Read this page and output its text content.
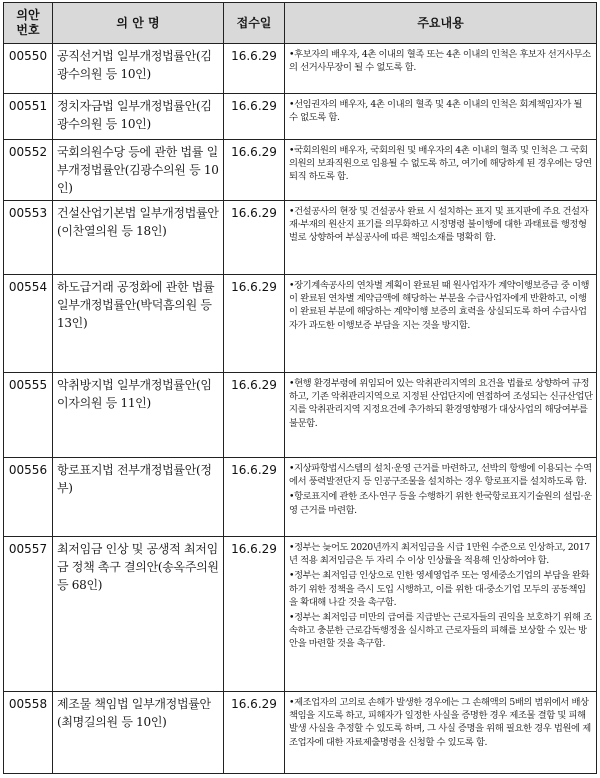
의안
번호	의 안 명	접수일	주요내용
00550	공직선거법 일부개정법률안(김광수의원 등 10인)	16.6.29	•후보자의 배우자, 4촌 이내의 혈족 또는 4촌 이내의 인척은 후보자 선거사무소의 선거사무장이 될 수 없도록 함.

00551	정치자금법 일부개정법률안(김광수의원 등 10인)	16.6.29	•선임권자의 배우자, 4촌 이내의 혈족 및 4촌 이내의 인척은 회계책임자가 될 수 없도록 함.

00552	국회의원수당 등에 관한 법률 일부개정법률안(김광수의원 등 10인)	16.6.29	•국회의원의 배우자, 국회의원 및 배우자의 4촌 이내의 혈족 및 인척은 그 국회의원의 보좌직원으로 임용될 수 없도록 하고, 여기에 해당하게 된 경우에는 당연퇴직 하도록 함.

00553	건설산업기본법 일부개정법률안(이찬열의원 등 18인)	16.6.29	•건설공사의 현장 및 건설공사 완료 시 설치하는 표지 및 표지판에 주요 건설자재·부재의 원산지 표기를 의무화하고 시정명령 불이행에 대한 과태료를 행정형벌로 상향하여 부실공사에 따른 책임소재를 명확히 함.

00554	하도급거래 공정화에 관한 법률 일부개정법률안(박덕흠의원 등 13인)	16.6.29	•장기계속공사의 연차별 계획이 완료된 때 원사업자가 계약이행보증금 중 이행이 완료된 연차별 계약금액에 해당하는 부분을 수급사업자에게 반환하고, 이행이 완료된 부분에 해당하는 계약이행 보증의 효력을 상실되도록 하여 수급사업자가 과도한 이행보증 부담을 지는 것을 방지함.

00555	악취방지법 일부개정법률안(임이자의원 등 11인)	16.6.29	•현행 환경부령에 위임되어 있는 악취관리지역의 요건을 법률로 상향하여 규정하고, 기존 악취관리지역으로 지정된 산업단지에 연접하여 조성되는 신규산업단지를 악취관리지역 지정요건에 추가하되 환경영향평가 대상사업의 해당여부를 불문함.

00556	항로표지법 전부개정법률안(정부)	16.6.29	•지상파항법시스템의 설치·운영 근거를 마련하고, 선박의 항행에 이용되는 수역에서 풍력발전단지 등 인공구조물을 설치하는 경우 항로표지를 설치하도록 함.
•항로표지에 관한 조사·연구 등을 수행하기 위한 한국항로표지기술원의 설립·운영 근거를 마련함.

00557	최저임금 인상 및 공생적 최저임금 정책 촉구 결의안(송옥주의원 등 68인)	16.6.29	•정부는 늦어도 2020년까지 최저임금을 시급 1만원 수준으로 인상하고, 2017년 적용 최저임금은 두 자리 수 이상 인상률을 적용해 인상하여야 함.
•정부는 최저임금 인상으로 인한 영세영업주 또는 영세중소기업의 부담을 완화하기 위한 정책을 즉시 도입 시행하고, 이를 위한 대·중소기업 모두의 공동책임을 확대해 나갈 것을 촉구함.
•정부는 최저임금 미만의 급여를 지급받는 근로자들의 권익을 보호하기 위해 조속하고 충분한 근로감독행정을 실시하고 근로자들의 피해를 보상할 수 있는 방안을 마련할 것을 촉구함.

00558	제조물 책임법 일부개정법률안(최명길의원 등 10인)	16.6.29	•제조업자의 고의로 손해가 발생한 경우에는 그 손해액의 5배의 범위에서 배상책임을 지도록 하고, 피해자가 일정한 사실을 증명한 경우 제조물 결함 및 피해 발생 사실을 추정할 수 있도록 하며, 그 사실 증명을 위해 필요한 경우 법원에 제조업자에 대한 자료제출명령을 신청할 수 있도록 함.
